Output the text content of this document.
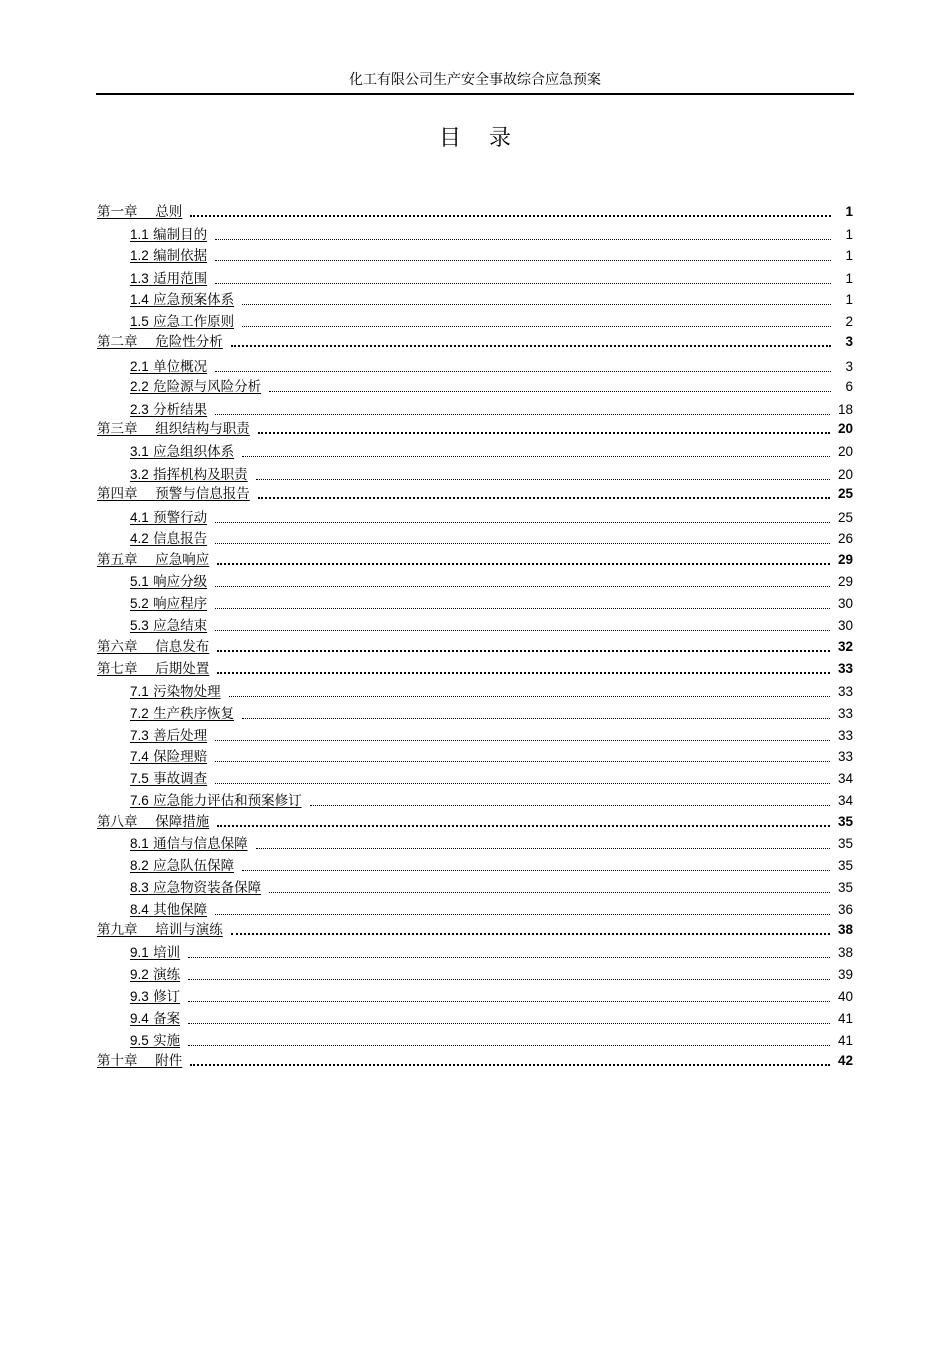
化工有限公司生产安全事故综合应急预案
目录
第一章　 总则	1
1.1 编制目的	1
1.2 编制依据	1
1.3 适用范围	1
1.4 应急预案体系	1
1.5 应急工作原则	2
第二章　 危险性分析	3
2.1 单位概况	3
2.2 危险源与风险分析	6
2.3 分析结果	18
第三章　 组织结构与职责	20
3.1 应急组织体系	20
3.2 指挥机构及职责	20
第四章　 预警与信息报告	25
4.1 预警行动	25
4.2 信息报告	26
第五章　 应急响应	29
5.1 响应分级	29
5.2 响应程序	30
5.3 应急结束	30
第六章　 信息发布	32
第七章　 后期处置	33
7.1 污染物处理	33
7.2 生产秩序恢复	33
7.3 善后处理	33
7.4 保险理赔	33
7.5 事故调查	34
7.6 应急能力评估和预案修订	34
第八章　 保障措施	35
8.1 通信与信息保障	35
8.2 应急队伍保障	35
8.3 应急物资装备保障	35
8.4 其他保障	36
第九章　 培训与演练	38
9.1 培训	38
9.2 演练	39
9.3 修订	40
9.4 备案	41
9.5 实施	41
第十章　 附件	42
